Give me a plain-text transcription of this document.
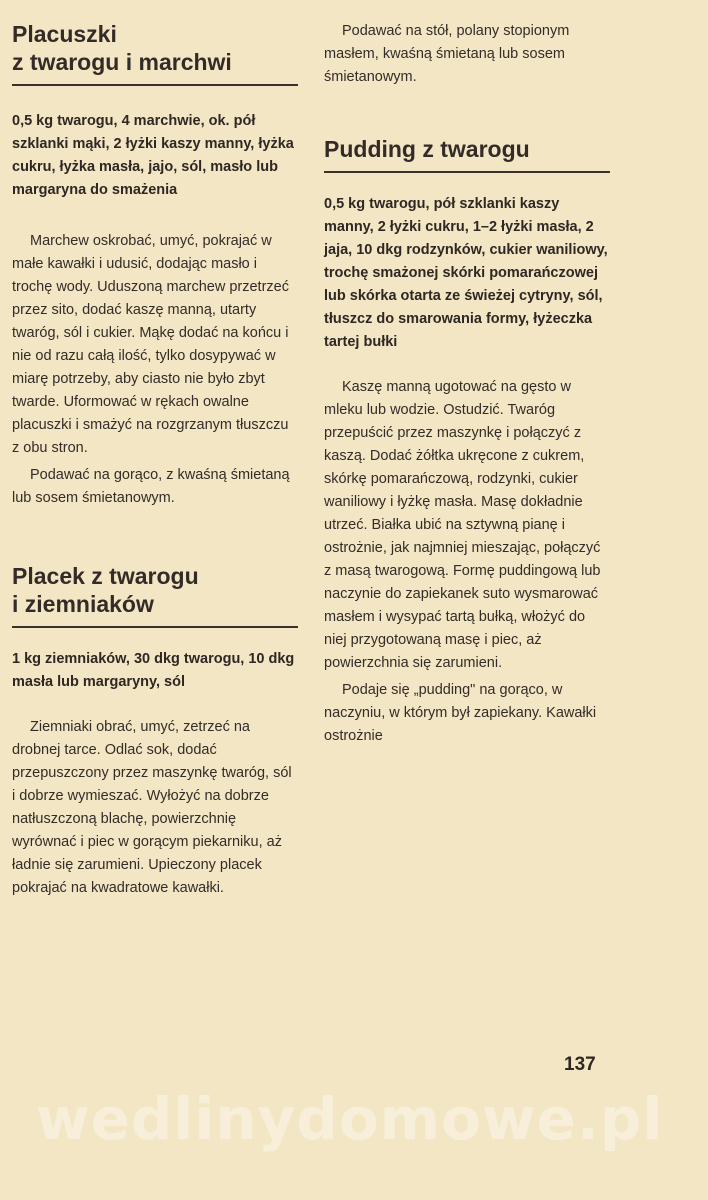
Placuszki
z twarogu i marchwi

0,5 kg twarogu, 4 marchwie, ok. pół szklanki mąki, 2 łyżki kaszy manny, łyżka cukru, łyżka masła, jajo, sól, masło lub margaryna do smażenia

Marchew oskrobać, umyć, pokrajać w małe kawałki i udusić, dodając masło i trochę wody. Uduszoną marchew przetrzeć przez sito, dodać kaszę manną, utarty twaróg, sól i cukier. Mąkę dodać na końcu i nie od razu całą ilość, tylko dosypywać w miarę potrzeby, aby ciasto nie było zbyt twarde. Uformować w rękach owalne placuszki i smażyć na rozgrzanym tłuszczu z obu stron.

Podawać na gorąco, z kwaśną śmietaną lub sosem śmietanowym.

Placek z twarogu
i ziemniaków

1 kg ziemniaków, 30 dkg twarogu, 10 dkg masła lub margaryny, sól

Ziemniaki obrać, umyć, zetrzeć na drobnej tarce. Odlać sok, dodać przepuszczony przez maszynkę twaróg, sól i dobrze wymieszać. Wyłożyć na dobrze natłuszczoną blachę, powierzchnię wyrównać i piec w gorącym piekarniku, aż ładnie się zarumieni. Upieczony placek pokrajać na kwadratowe kawałki.

Podawać na stół, polany stopionym masłem, kwaśną śmietaną lub sosem śmietanowym.

Pudding z twarogu

0,5 kg twarogu, pół szklanki kaszy manny, 2 łyżki cukru, 1–2 łyżki masła, 2 jaja, 10 dkg rodzynków, cukier waniliowy, trochę smażonej skórki pomarańczowej lub skórka otarta ze świeżej cytryny, sól, tłuszcz do smarowania formy, łyżeczka tartej bułki

Kaszę manną ugotować na gęsto w mleku lub wodzie. Ostudzić. Twaróg przepuścić przez maszynkę i połączyć z kaszą. Dodać żółtka ukręcone z cukrem, skórkę pomarańczową, rodzynki, cukier waniliowy i łyżkę masła. Masę dokładnie utrzeć. Białka ubić na sztywną pianę i ostrożnie, jak najmniej mieszając, połączyć z masą twarogową. Formę puddingową lub naczynie do zapiekanek suto wysmarować masłem i wysypać tartą bułką, włożyć do niej przygotowaną masę i piec, aż powierzchnia się zarumieni.

Podaje się „pudding" na gorąco, w naczyniu, w którym był zapiekany. Kawałki ostrożnie

137
wedlinydomowe.pl
